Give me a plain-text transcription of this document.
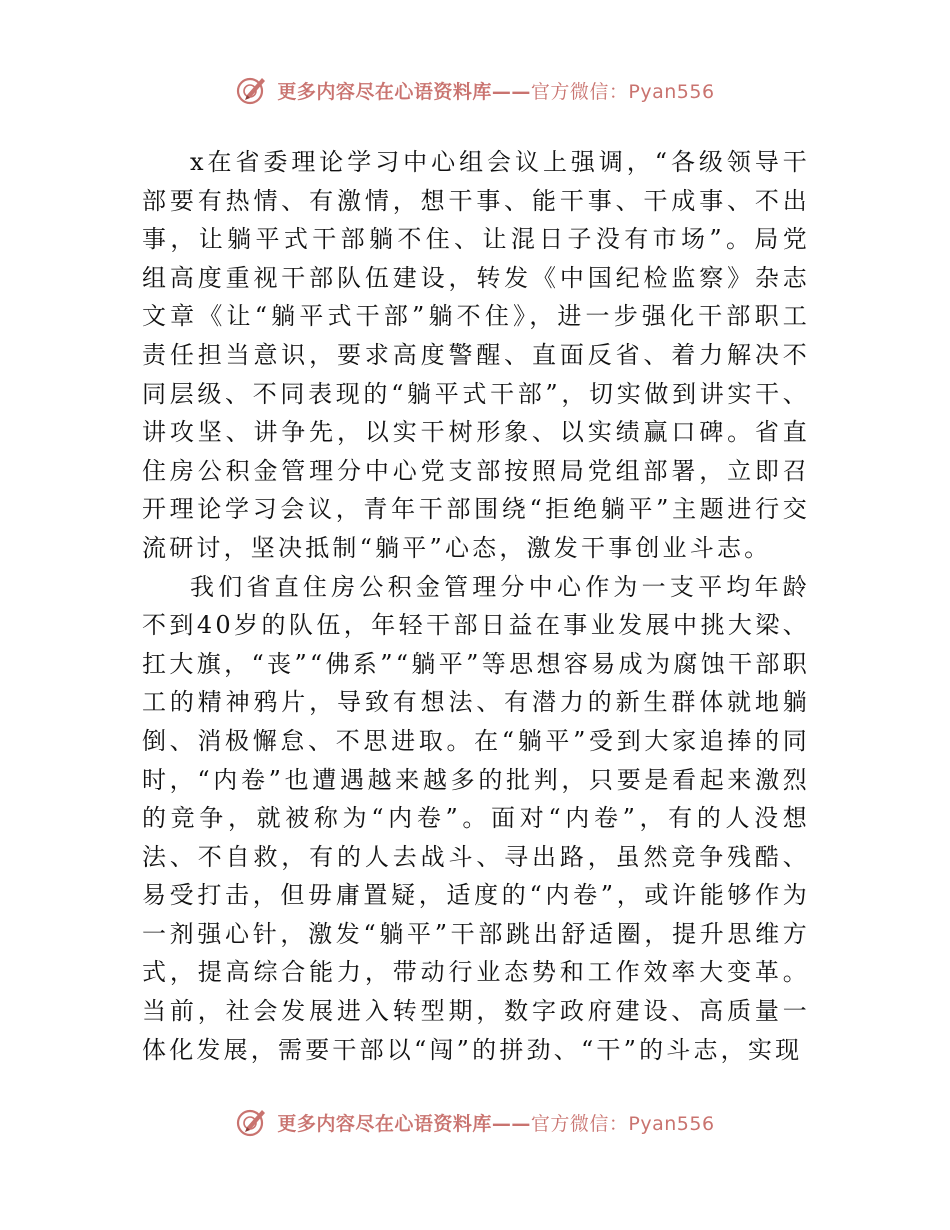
更多内容尽在心语资料库——官方微信：Pyan556

x在省委理论学习中心组会议上强调，“各级领导干部要有热情、有激情，想干事、能干事、干成事、不出事，让躺平式干部躺不住、让混日子没有市场”。局党组高度重视干部队伍建设，转发《中国纪检监察》杂志文章《让“躺平式干部”躺不住》，进一步强化干部职工责任担当意识，要求高度警醒、直面反省、着力解决不同层级、不同表现的“躺平式干部”，切实做到讲实干、讲攻坚、讲争先，以实干树形象、以实绩赢口碑。省直住房公积金管理分中心党支部按照局党组部署，立即召开理论学习会议，青年干部围绕“拒绝躺平”主题进行交流研讨，坚决抵制“躺平”心态，激发干事创业斗志。

我们省直住房公积金管理分中心作为一支平均年龄不到40岁的队伍，年轻干部日益在事业发展中挑大梁、扛大旗，“丧”“佛系”“躺平”等思想容易成为腐蚀干部职工的精神鸦片，导致有想法、有潜力的新生群体就地躺倒、消极懈怠、不思进取。在“躺平”受到大家追捧的同时，“内卷”也遭遇越来越多的批判，只要是看起来激烈的竞争，就被称为“内卷”。面对“内卷”，有的人没想法、不自救，有的人去战斗、寻出路，虽然竞争残酷、易受打击，但毋庸置疑，适度的“内卷”，或许能够作为一剂强心针，激发“躺平”干部跳出舒适圈，提升思维方式，提高综合能力，带动行业态势和工作效率大变革。当前，社会发展进入转型期，数字政府建设、高质量一体化发展，需要干部以“闯”的拼劲、“干”的斗志，实现

更多内容尽在心语资料库——官方微信：Pyan556
